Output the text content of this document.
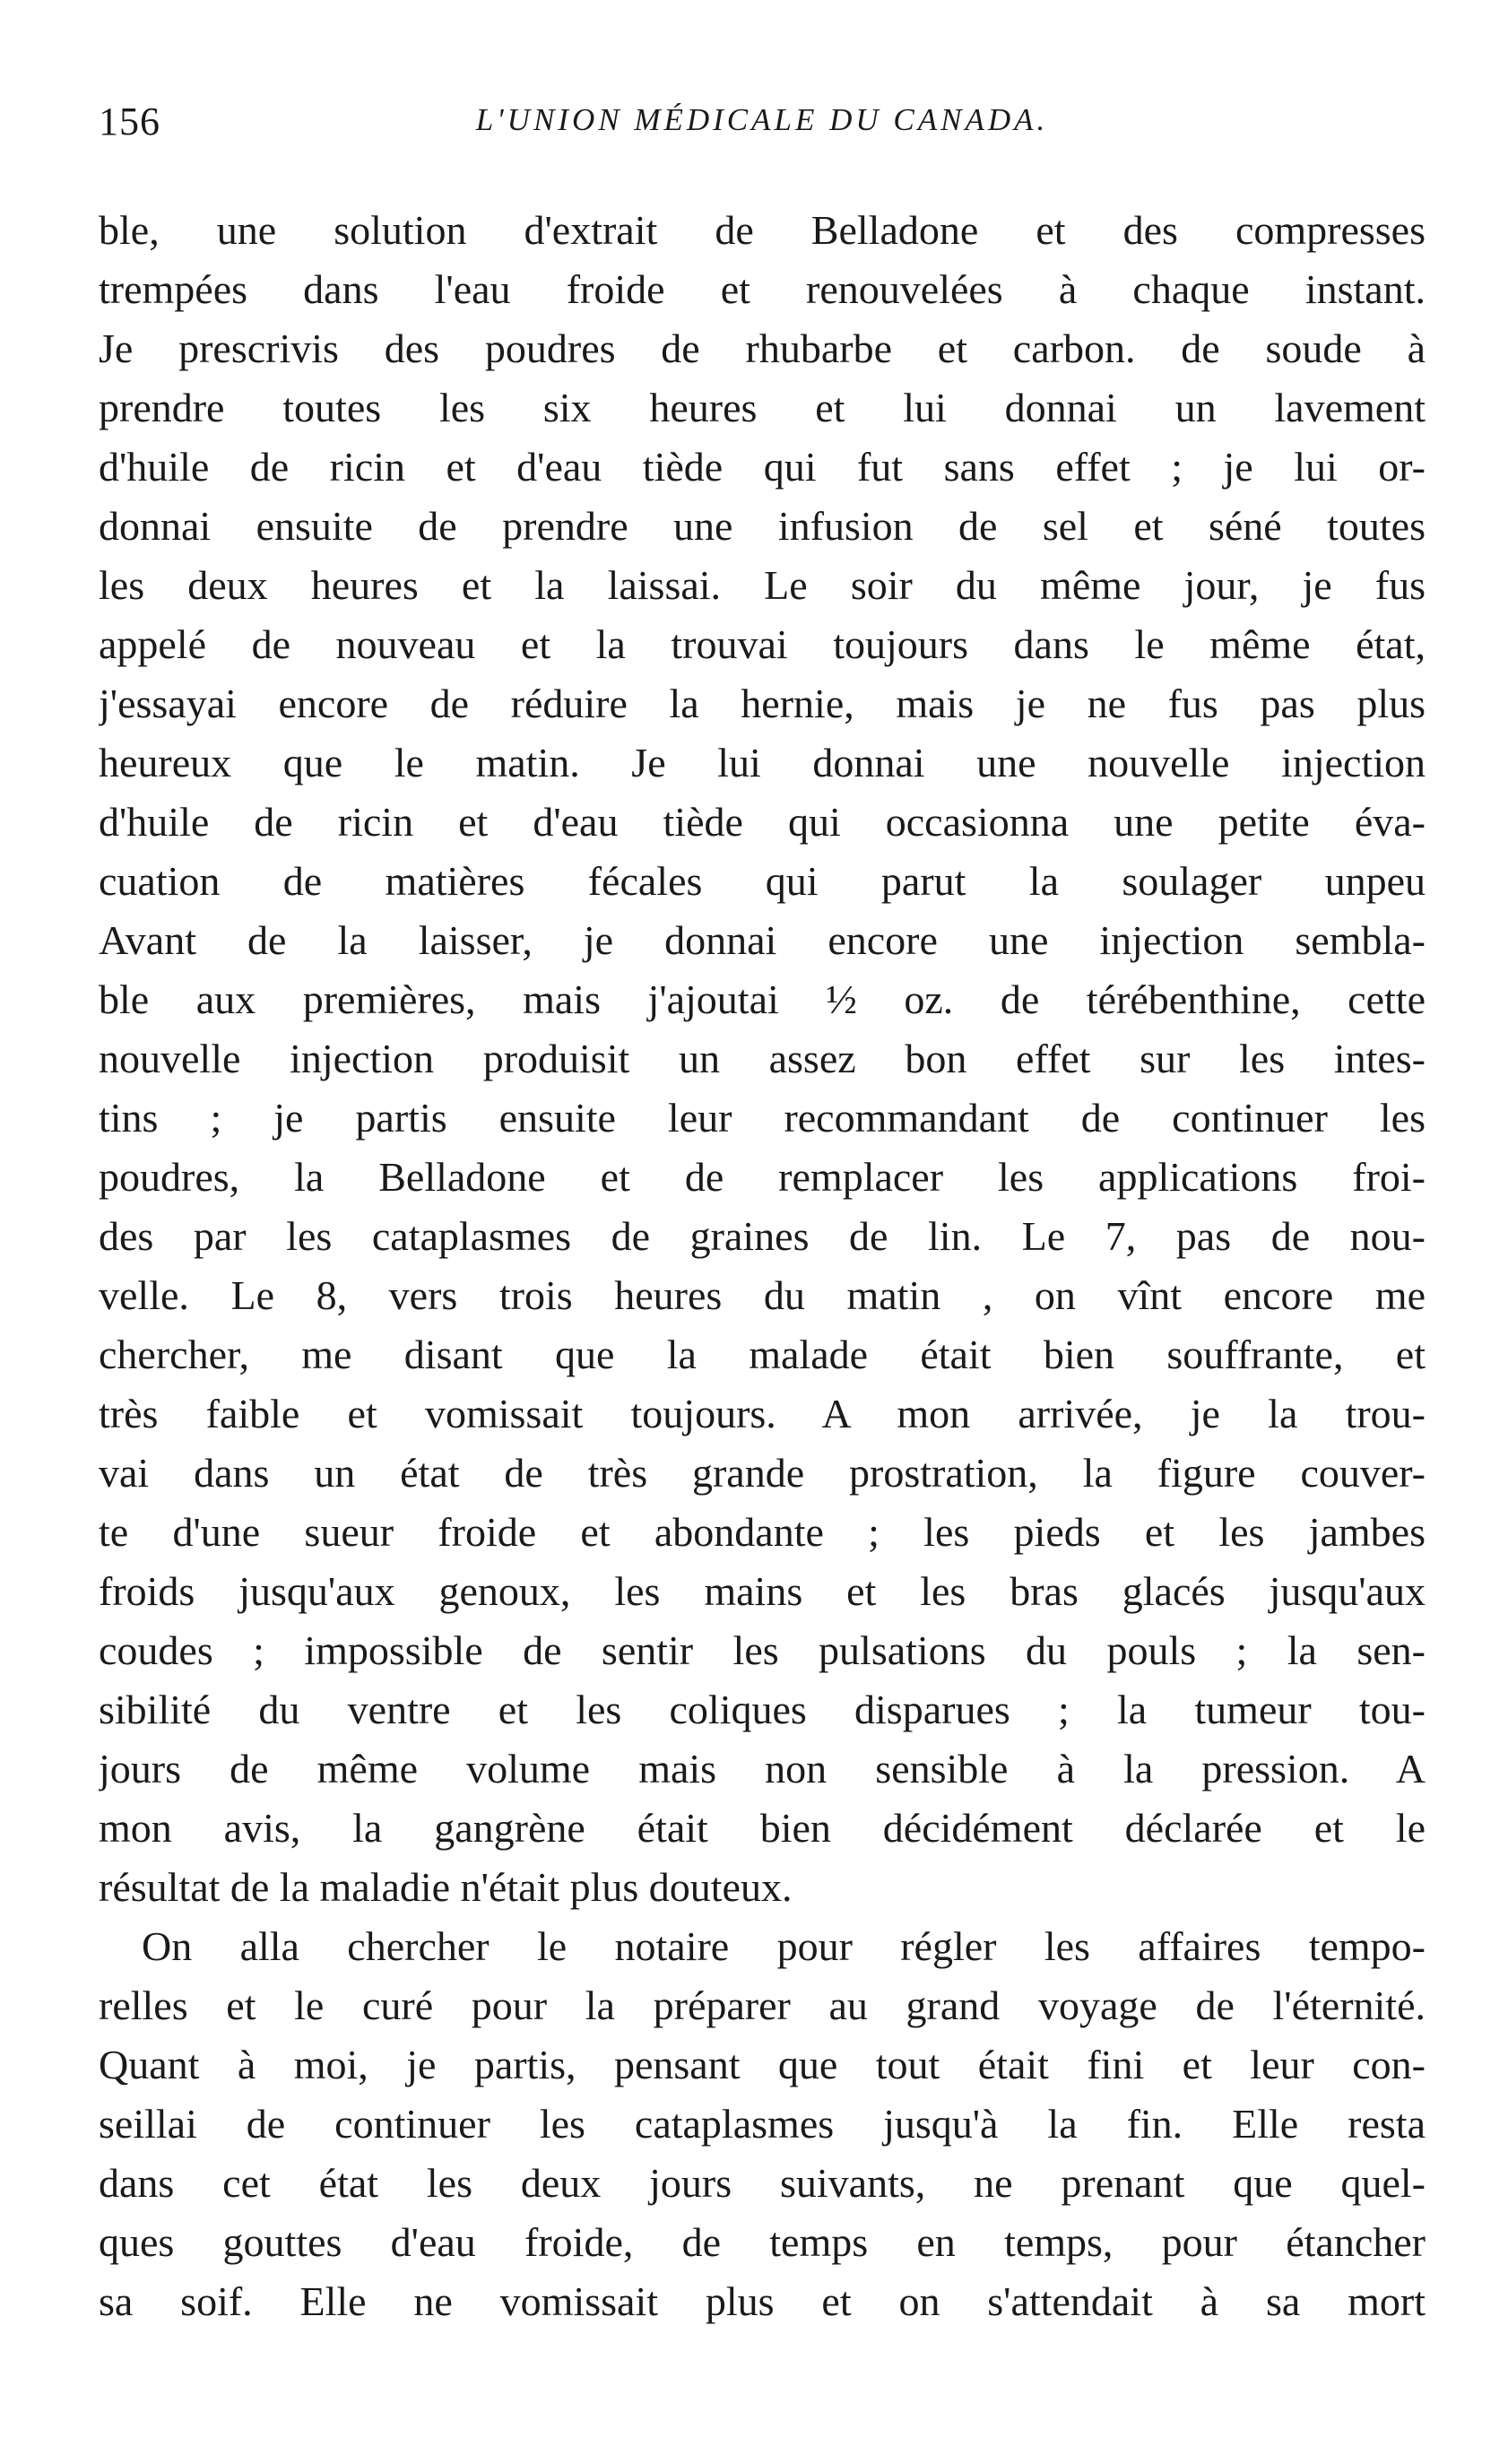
156	L'UNION MÉDICALE DU CANADA.
ble, une solution d'extrait de Belladone et des compresses
trempées dans l'eau froide et renouvelées à chaque instant.
Je prescrivis des poudres de rhubarbe et carbon. de soude à
prendre toutes les six heures et lui donnai un lavement
d'huile de ricin et d'eau tiède qui fut sans effet ; je lui or-
donnai ensuite de prendre une infusion de sel et séné toutes
les deux heures et la laissai. Le soir du même jour, je fus
appelé de nouveau et la trouvai toujours dans le même état,
j'essayai encore de réduire la hernie, mais je ne fus pas plus
heureux que le matin. Je lui donnai une nouvelle injection
d'huile de ricin et d'eau tiède qui occasionna une petite éva-
cuation de matières fécales qui parut la soulager unpeu
Avant de la laisser, je donnai encore une injection sembla-
ble aux premières, mais j'ajoutai ½ oz. de térébenthine, cette
nouvelle injection produisit un assez bon effet sur les intes-
tins ; je partis ensuite leur recommandant de continuer les
poudres, la Belladone et de remplacer les applications froi-
des par les cataplasmes de graines de lin. Le 7, pas de nou-
velle. Le 8, vers trois heures du matin , on vînt encore me
chercher, me disant que la malade était bien souffrante, et
très faible et vomissait toujours. A mon arrivée, je la trou-
vai dans un état de très grande prostration, la figure couver-
te d'une sueur froide et abondante ; les pieds et les jambes
froids jusqu'aux genoux, les mains et les bras glacés jusqu'aux
coudes ; impossible de sentir les pulsations du pouls ; la sen-
sibilité du ventre et les coliques disparues ; la tumeur tou-
jours de même volume mais non sensible à la pression. A
mon avis, la gangrène était bien décidément déclarée et le
résultat de la maladie n'était plus douteux.
On alla chercher le notaire pour régler les affaires tempo-
relles et le curé pour la préparer au grand voyage de l'éternité.
Quant à moi, je partis, pensant que tout était fini et leur con-
seillai de continuer les cataplasmes jusqu'à la fin. Elle resta
dans cet état les deux jours suivants, ne prenant que quel-
ques gouttes d'eau froide, de temps en temps, pour étancher
sa soif. Elle ne vomissait plus et on s'attendait à sa mort
